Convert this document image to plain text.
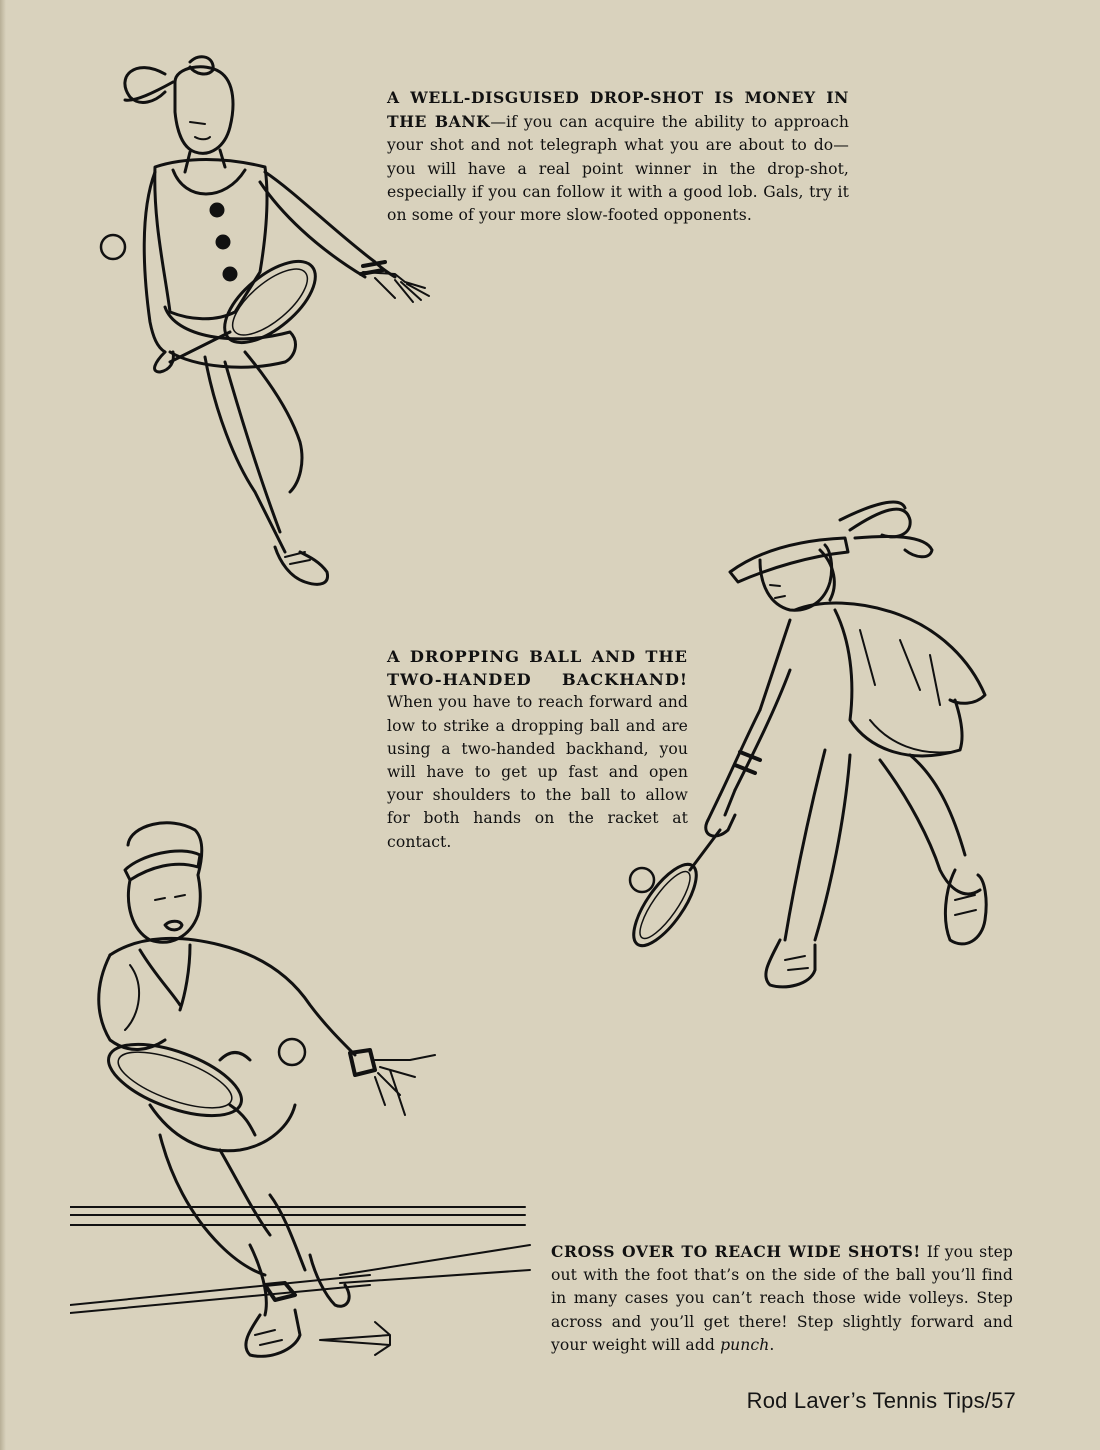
A WELL-DISGUISED DROP-SHOT IS MONEY IN THE BANK—if you can acquire the ability to approach your shot and not telegraph what you are about to do—you will have a real point winner in the drop-shot, especially if you can follow it with a good lob. Gals, try it on some of your more slow-footed opponents.
A DROPPING BALL AND THE TWO-HANDED BACKHAND!
When you have to reach forward and low to strike a dropping ball and are using a two-handed backhand, you will have to get up fast and open your shoulders to the ball to allow for both hands on the racket at contact.
CROSS OVER TO REACH WIDE SHOTS! If you step out with the foot that’s on the side of the ball you’ll find in many cases you can’t reach those wide volleys. Step across and you’ll get there! Step slightly forward and your weight will add punch.
Rod Laver’s Tennis Tips/57
